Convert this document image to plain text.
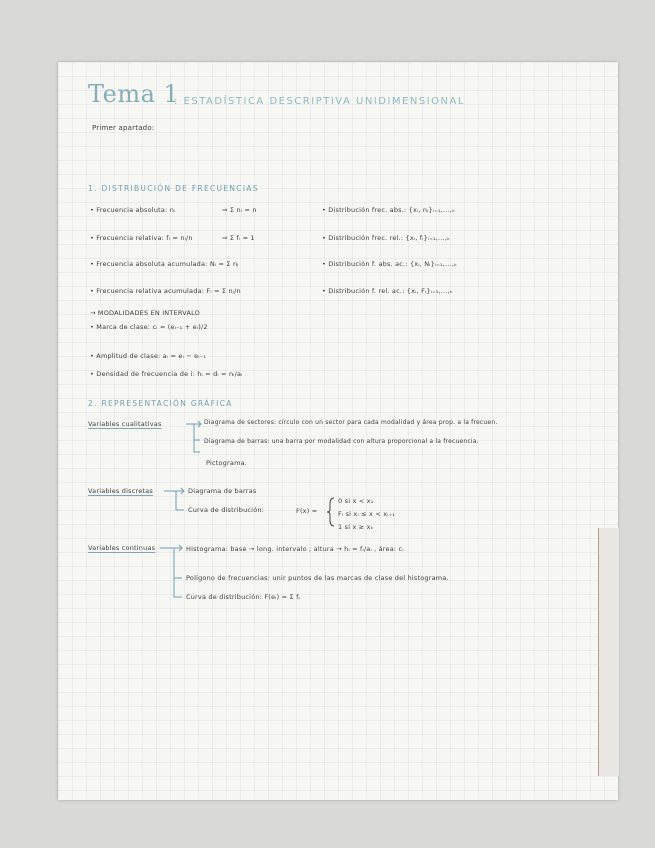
Tema 1
: ESTADÍSTICA DESCRIPTIVA UNIDIMENSIONAL
Primer apartado:
1. DISTRIBUCIÓN DE FRECUENCIAS
• Frecuencia absoluta: nᵢ	⇒ Σ nᵢ = n	• Distribución frec. abs.: {xᵢ, nᵢ}ᵢ₌₁,...,ₖ
• Frecuencia relativa: fᵢ = nᵢ/n	⇒ Σ fᵢ = 1	• Distribución frec. rel.: {xᵢ, fᵢ}ᵢ₌₁,...,ₖ
• Frecuencia absoluta acumulada: Nᵢ = Σ nⱼ	• Distribución f. abs. ac.: {xᵢ, Nᵢ}ᵢ₌₁,...,ₖ
• Frecuencia relativa acumulada: Fᵢ = Σ nⱼ/n	• Distribución f. rel. ac.: {xᵢ, Fᵢ}ᵢ₌₁,...,ₖ
→ MODALIDADES EN INTERVALO
• Marca de clase: cᵢ = (eᵢ₋₁ + eᵢ)/2
• Amplitud de clase: aᵢ = eᵢ − eᵢ₋₁
• Densidad de frecuencia de i: hᵢ = dᵢ = nᵢ/aᵢ
2. REPRESENTACIÓN GRÁFICA
Variables cualitativas	Diagrama de sectores: círculo con un sector para cada modalidad y área prop. a la frecuen.
Diagrama de barras: una barra por modalidad con altura proporcional a la frecuencia.
Pictograma.
Variables discretas	Diagrama de barras
Curva de distribución:	F(x) =
0 si x < x₁
Fᵢ si xᵢ ≤ x < xᵢ₊₁
1 si x ≥ xₖ
Variables continuas	Histograma: base → long. intervalo ; altura → hᵢ = fᵢ/aᵢ , área: cᵢ
Polígono de frecuencias: unir puntos de las marcas de clase del histograma.
Curva de distribución: F(eᵢ) = Σ fⱼ
